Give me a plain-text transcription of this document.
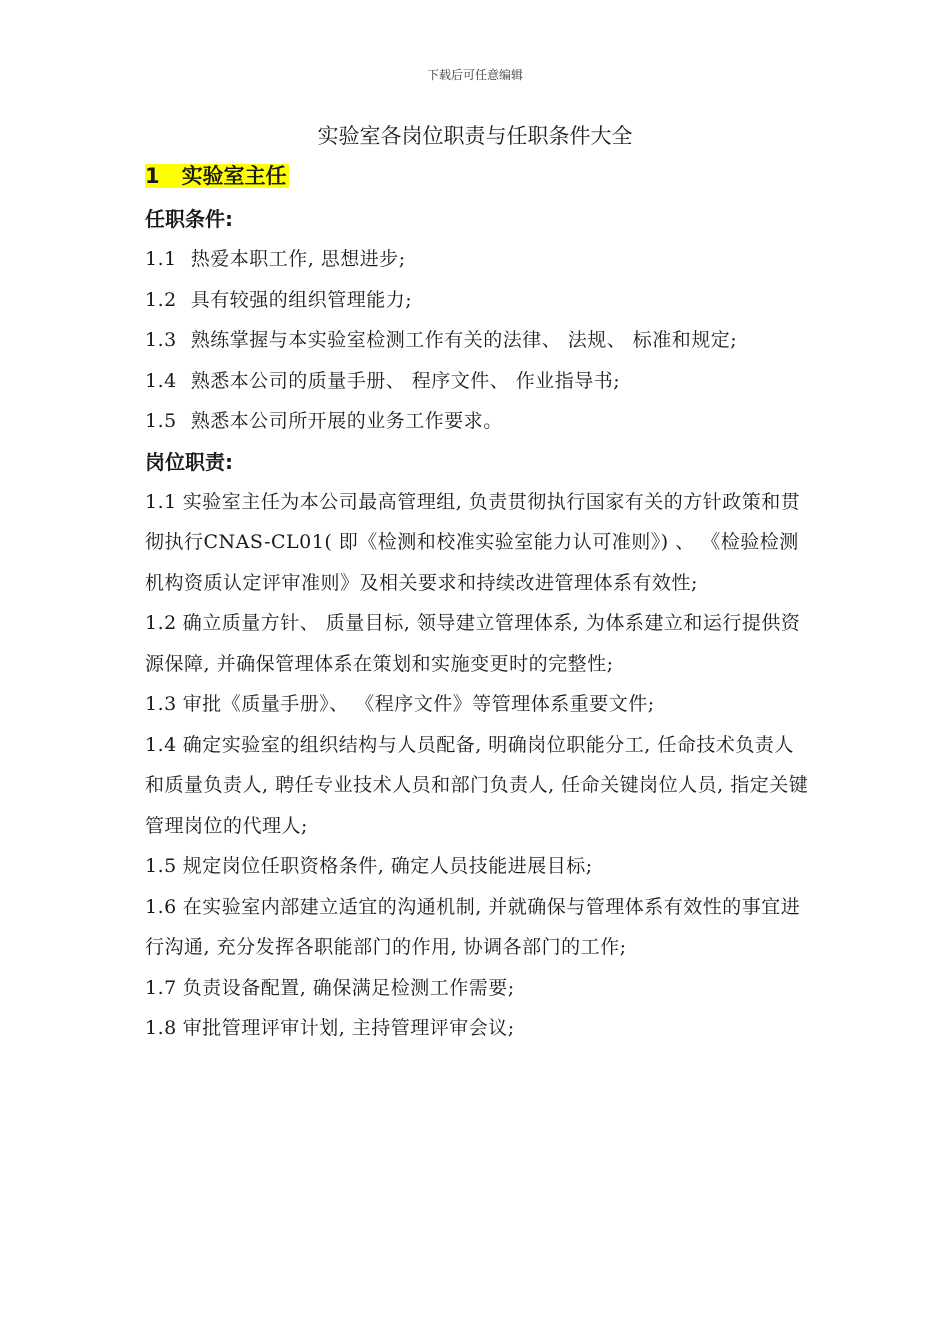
下载后可任意编辑
实验室各岗位职责与任职条件大全
1 实验室主任
任职条件:

1.1 热爱本职工作, 思想进步;

1.2 具有较强的组织管理能力;

1.3 熟练掌握与本实验室检测工作有关的法律、 法规、 标准和规定;

1.4 熟悉本公司的质量手册、 程序文件、 作业指导书;

1.5 熟悉本公司所开展的业务工作要求。

岗位职责:

1.1 实验室主任为本公司最高管理组, 负责贯彻执行国家有关的方针政策和贯彻执行CNAS-CL01( 即《检测和校准实验室能力认可准则》) 、 《检验检测机构资质认定评审准则》及相关要求和持续改进管理体系有效性;

1.2 确立质量方针、 质量目标, 领导建立管理体系, 为体系建立和运行提供资源保障, 并确保管理体系在策划和实施变更时的完整性;

1.3 审批《质量手册》、 《程序文件》等管理体系重要文件;

1.4 确定实验室的组织结构与人员配备, 明确岗位职能分工, 任命技术负责人和质量负责人, 聘任专业技术人员和部门负责人, 任命关键岗位人员, 指定关键管理岗位的代理人;

1.5 规定岗位任职资格条件, 确定人员技能进展目标;

1.6 在实验室内部建立适宜的沟通机制, 并就确保与管理体系有效性的事宜进行沟通, 充分发挥各职能部门的作用, 协调各部门的工作;

1.7 负责设备配置, 确保满足检测工作需要;

1.8 审批管理评审计划, 主持管理评审会议;
